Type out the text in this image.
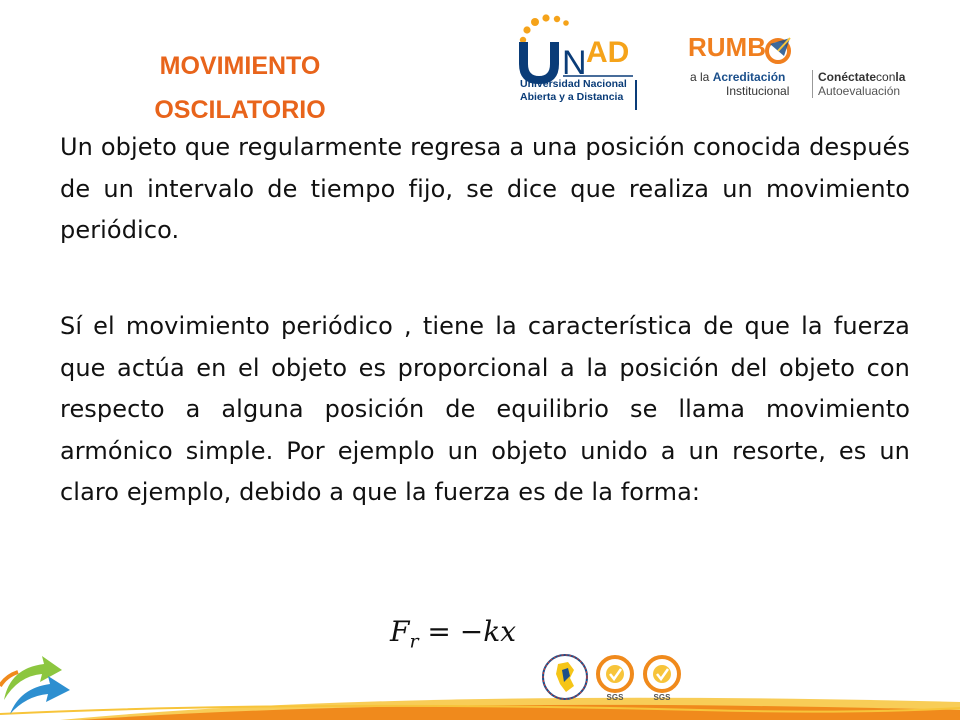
MOVIMIENTO
OSCILATORIO
N AD
Universidad Nacional
Abierta y a Distancia
RUMB
a la Acreditación
Institucional
Conéctateconla
Autoevaluación

Un objeto que regularmente regresa a una posición conocida después de un intervalo de tiempo fijo, se dice que realiza un movimiento periódico.

Sí el movimiento periódico , tiene la característica de que la fuerza que actúa en el objeto es proporcional a la posición del objeto con respecto a alguna posición de equilibrio se llama movimiento armónico simple. Por ejemplo un objeto unido a un resorte, es un claro ejemplo, debido a que la fuerza es de la forma:

$F_r = -kx$

SGS	SGS
